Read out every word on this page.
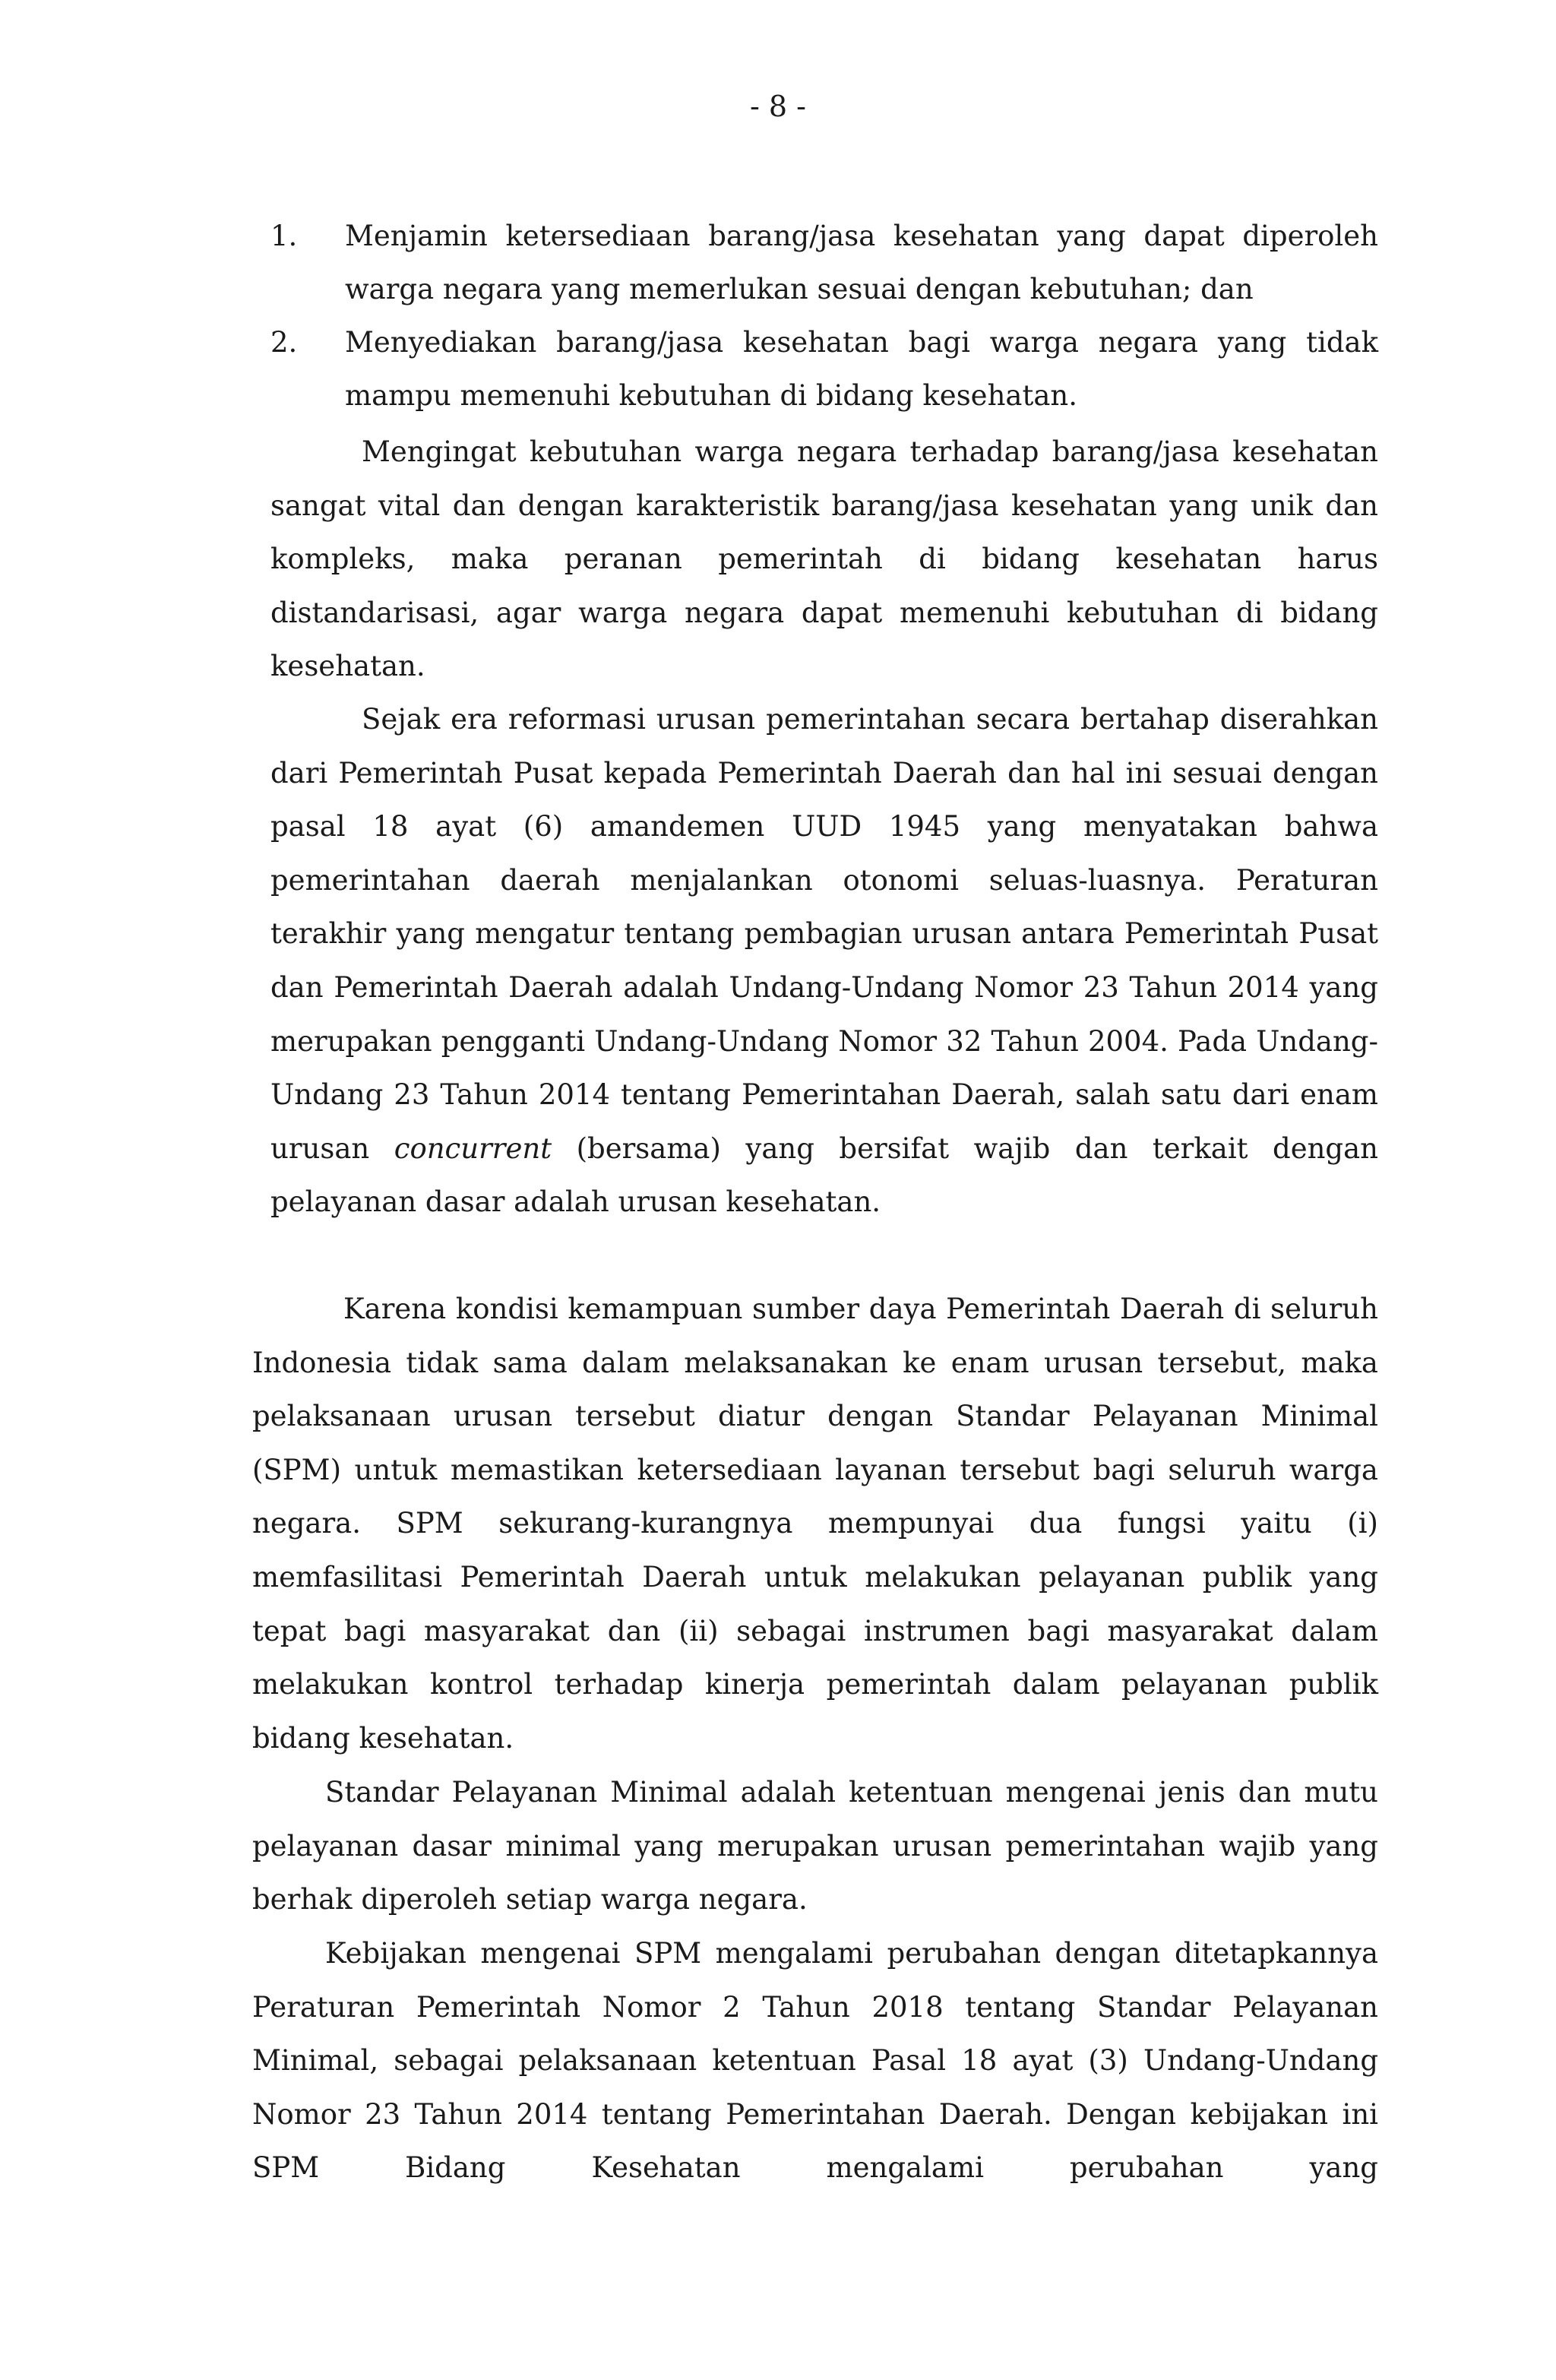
- 8 -
1. Menjamin ketersediaan barang/jasa kesehatan yang dapat diperoleh warga negara yang memerlukan sesuai dengan kebutuhan; dan
2. Menyediakan barang/jasa kesehatan bagi warga negara yang tidak mampu memenuhi kebutuhan di bidang kesehatan.

Mengingat kebutuhan warga negara terhadap barang/jasa kesehatan sangat vital dan dengan karakteristik barang/jasa kesehatan yang unik dan kompleks, maka peranan pemerintah di bidang kesehatan harus distandarisasi, agar warga negara dapat memenuhi kebutuhan di bidang kesehatan.

Sejak era reformasi urusan pemerintahan secara bertahap diserahkan dari Pemerintah Pusat kepada Pemerintah Daerah dan hal ini sesuai dengan pasal 18 ayat (6) amandemen UUD 1945 yang menyatakan bahwa pemerintahan daerah menjalankan otonomi seluas-luasnya. Peraturan terakhir yang mengatur tentang pembagian urusan antara Pemerintah Pusat dan Pemerintah Daerah adalah Undang-Undang Nomor 23 Tahun 2014 yang merupakan pengganti Undang-Undang Nomor 32 Tahun 2004. Pada Undang-Undang 23 Tahun 2014 tentang Pemerintahan Daerah, salah satu dari enam urusan concurrent (bersama) yang bersifat wajib dan terkait dengan pelayanan dasar adalah urusan kesehatan.

Karena kondisi kemampuan sumber daya Pemerintah Daerah di seluruh Indonesia tidak sama dalam melaksanakan ke enam urusan tersebut, maka pelaksanaan urusan tersebut diatur dengan Standar Pelayanan Minimal (SPM) untuk memastikan ketersediaan layanan tersebut bagi seluruh warga negara. SPM sekurang-kurangnya mempunyai dua fungsi yaitu (i) memfasilitasi Pemerintah Daerah untuk melakukan pelayanan publik yang tepat bagi masyarakat dan (ii) sebagai instrumen bagi masyarakat dalam melakukan kontrol terhadap kinerja pemerintah dalam pelayanan publik bidang kesehatan.

Standar Pelayanan Minimal adalah ketentuan mengenai jenis dan mutu pelayanan dasar minimal yang merupakan urusan pemerintahan wajib yang berhak diperoleh setiap warga negara.

Kebijakan mengenai SPM mengalami perubahan dengan ditetapkannya Peraturan Pemerintah Nomor 2 Tahun 2018 tentang Standar Pelayanan Minimal, sebagai pelaksanaan ketentuan Pasal 18 ayat (3) Undang-Undang Nomor 23 Tahun 2014 tentang Pemerintahan Daerah. Dengan kebijakan ini SPM Bidang Kesehatan mengalami perubahan yang
